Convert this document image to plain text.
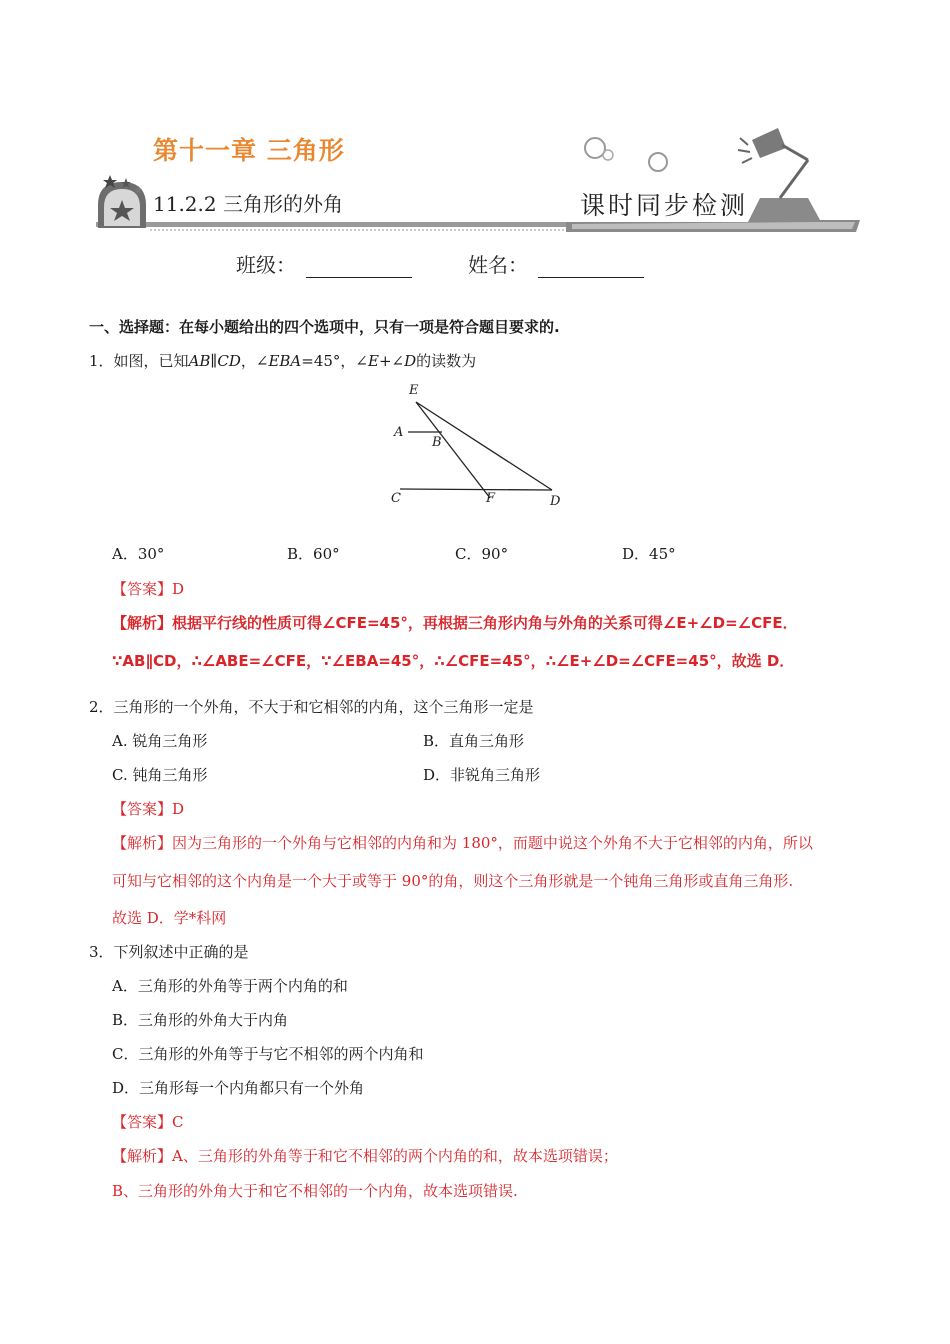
第十一章 三角形
11.2.2 三角形的外角	课时同步检测
班级：	姓名：
一、选择题：在每小题给出的四个选项中，只有一项是符合题目要求的.
1．如图，已知AB∥CD，∠EBA=45°，∠E+∠D的读数为
E
A
B
C	F	D
A．30°	B．60°	C．90°	D．45°
【答案】D
【解析】根据平行线的性质可得∠CFE=45°，再根据三角形内角与外角的关系可得∠E+∠D=∠CFE．
∵AB∥CD，∴∠ABE=∠CFE，∵∠EBA=45°，∴∠CFE=45°，∴∠E+∠D=∠CFE=45°，故选 D．
2．三角形的一个外角，不大于和它相邻的内角，这个三角形一定是
A. 锐角三角形	B．直角三角形
C. 钝角三角形	D．非锐角三角形
【答案】D
【解析】因为三角形的一个外角与它相邻的内角和为 180°，而题中说这个外角不大于它相邻的内角，所以
可知与它相邻的这个内角是一个大于或等于 90°的角，则这个三角形就是一个钝角三角形或直角三角形.
故选 D．学*科网
3．下列叙述中正确的是
A．三角形的外角等于两个内角的和
B．三角形的外角大于内角
C．三角形的外角等于与它不相邻的两个内角和
D．三角形每一个内角都只有一个外角
【答案】C
【解析】A、三角形的外角等于和它不相邻的两个内角的和，故本选项错误；
B、三角形的外角大于和它不相邻的一个内角，故本选项错误.
